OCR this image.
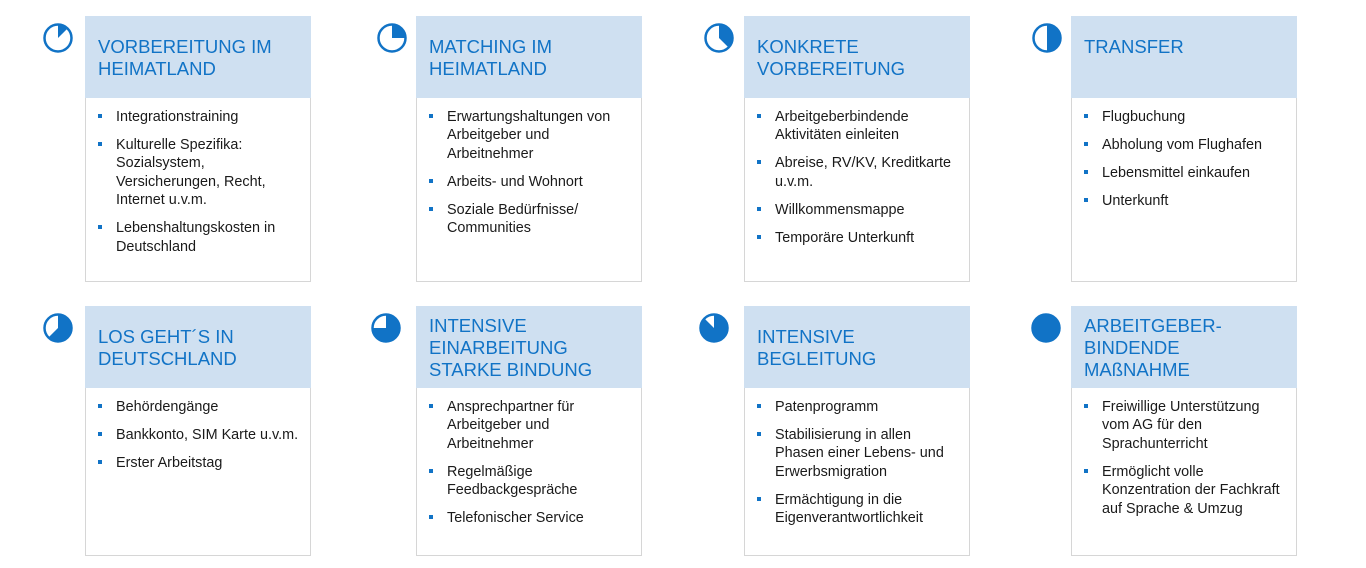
VORBEREITUNG IM
HEIMATLAND
Integrationstraining
Kulturelle Spezifika: Sozialsystem, Versicherungen, Recht, Internet u.v.m.
Lebenshaltungskosten in Deutschland
MATCHING IM
HEIMATLAND
Erwartungshaltungen von Arbeitgeber und Arbeitnehmer
Arbeits- und Wohnort
Soziale Bedürfnisse/ Communities
KONKRETE
VORBEREITUNG
Arbeitgeberbindende Aktivitäten einleiten
Abreise, RV/KV, Kreditkarte u.v.m.
Willkommensmappe
Temporäre Unterkunft
TRANSFER
Flugbuchung
Abholung vom Flughafen
Lebensmittel einkaufen
Unterkunft
LOS GEHT´S IN
DEUTSCHLAND
Behördengänge
Bankkonto, SIM Karte u.v.m.
Erster Arbeitstag
INTENSIVE
EINARBEITUNG
STARKE BINDUNG
Ansprechpartner für Arbeitgeber und Arbeitnehmer
Regelmäßige Feedbackgespräche
Telefonischer Service
INTENSIVE
BEGLEITUNG
Patenprogramm
Stabilisierung in allen Phasen einer Lebens- und Erwerbsmigration
Ermächtigung in die Eigenverantwortlichkeit
ARBEITGEBER-
BINDENDE
MAßNAHME
Freiwillige Unterstützung vom AG für den Sprachunterricht
Ermöglicht volle Konzentration der Fachkraft auf Sprache & Umzug
